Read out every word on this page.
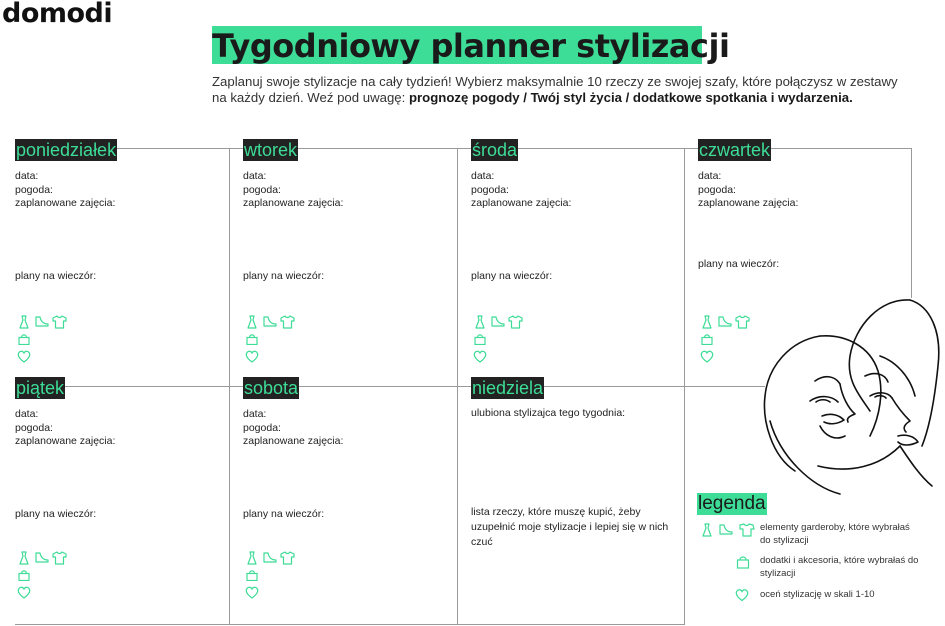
domodi
Tygodniowy planner stylizacji
Zaplanuj swoje stylizacje na cały tydzień! Wybierz maksymalnie 10 rzeczy ze swojej szafy, które połączysz w zestawy na każdy dzień. Weź pod uwagę: prognozę pogody / Twój styl życia / dodatkowe spotkania i wydarzenia.
poniedziałek
data:
pogoda:
zaplanowane zajęcia:
plany na wieczór:
wtorek
data:
pogoda:
zaplanowane zajęcia:
plany na wieczór:
środa
data:
pogoda:
zaplanowane zajęcia:
plany na wieczór:
czwartek
data:
pogoda:
zaplanowane zajęcia:
plany na wieczór:
piątek
data:
pogoda:
zaplanowane zajęcia:
plany na wieczór:
sobota
data:
pogoda:
zaplanowane zajęcia:
plany na wieczór:
niedziela
ulubiona stylizajca tego tygodnia:
lista rzeczy, które muszę kupić, żeby uzupełnić moje stylizacje i lepiej się w nich czuć
legenda
elementy garderoby, które wybrałaś do stylizacji
dodatki i akcesoria, które wybrałaś do stylizacji
oceń stylizację w skali 1-10
